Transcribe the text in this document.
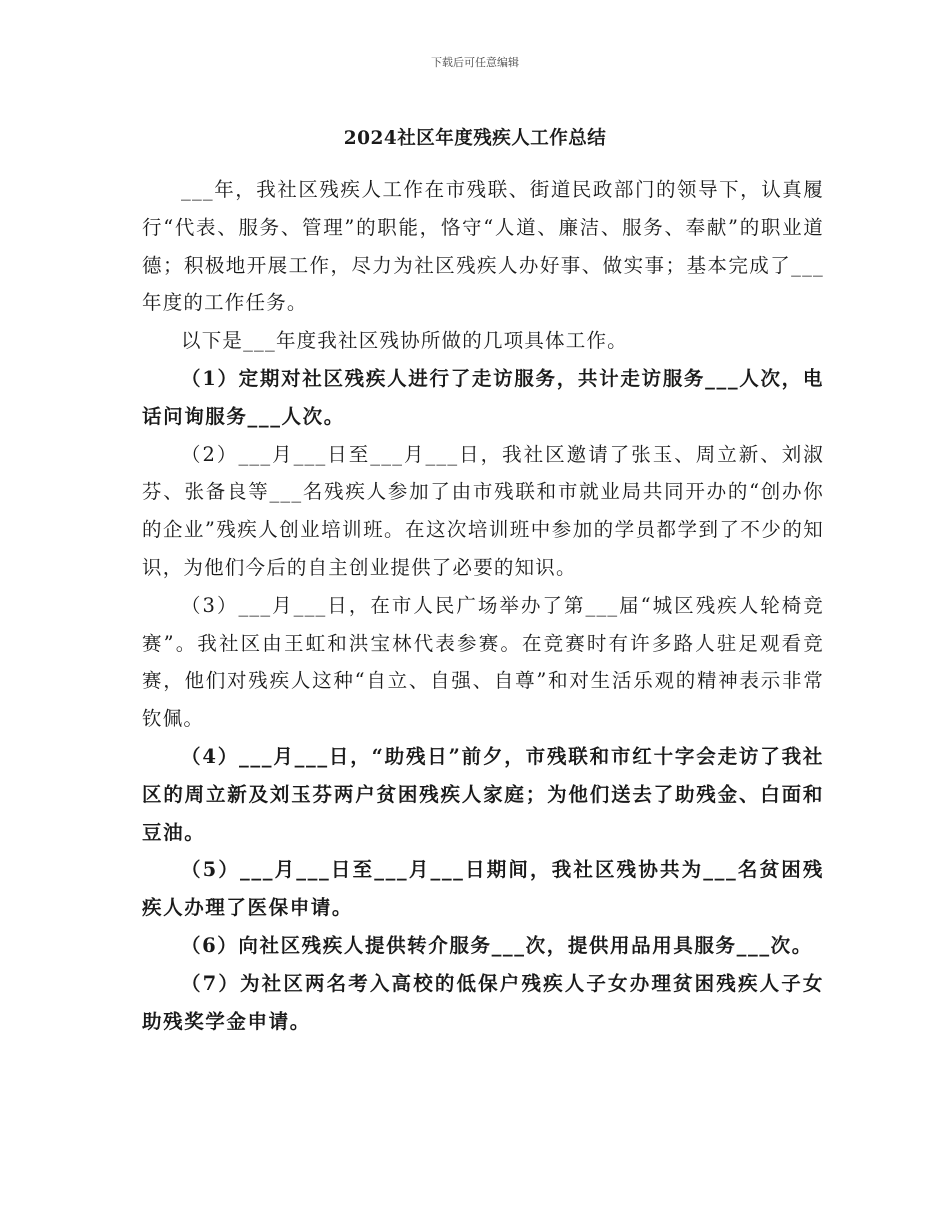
下载后可任意编辑
2024社区年度残疾人工作总结

___年，我社区残疾人工作在市残联、街道民政部门的领导下，认真履行“代表、服务、管理”的职能，恪守“人道、廉洁、服务、奉献”的职业道德；积极地开展工作，尽力为社区残疾人办好事、做实事；基本完成了___年度的工作任务。

以下是___年度我社区残协所做的几项具体工作。

（1）定期对社区残疾人进行了走访服务，共计走访服务___人次，电话问询服务___人次。

（2）___月___日至___月___日，我社区邀请了张玉、周立新、刘淑芬、张备良等___名残疾人参加了由市残联和市就业局共同开办的“创办你的企业”残疾人创业培训班。在这次培训班中参加的学员都学到了不少的知识，为他们今后的自主创业提供了必要的知识。

（3）___月___日，在市人民广场举办了第___届“城区残疾人轮椅竞赛”。我社区由王虹和洪宝林代表参赛。在竞赛时有许多路人驻足观看竞赛，他们对残疾人这种“自立、自强、自尊”和对生活乐观的精神表示非常钦佩。

（4）___月___日，“助残日”前夕，市残联和市红十字会走访了我社区的周立新及刘玉芬两户贫困残疾人家庭；为他们送去了助残金、白面和豆油。

（5）___月___日至___月___日期间，我社区残协共为___名贫困残疾人办理了医保申请。

（6）向社区残疾人提供转介服务___次，提供用品用具服务___次。

（7）为社区两名考入高校的低保户残疾人子女办理贫困残疾人子女助残奖学金申请。
